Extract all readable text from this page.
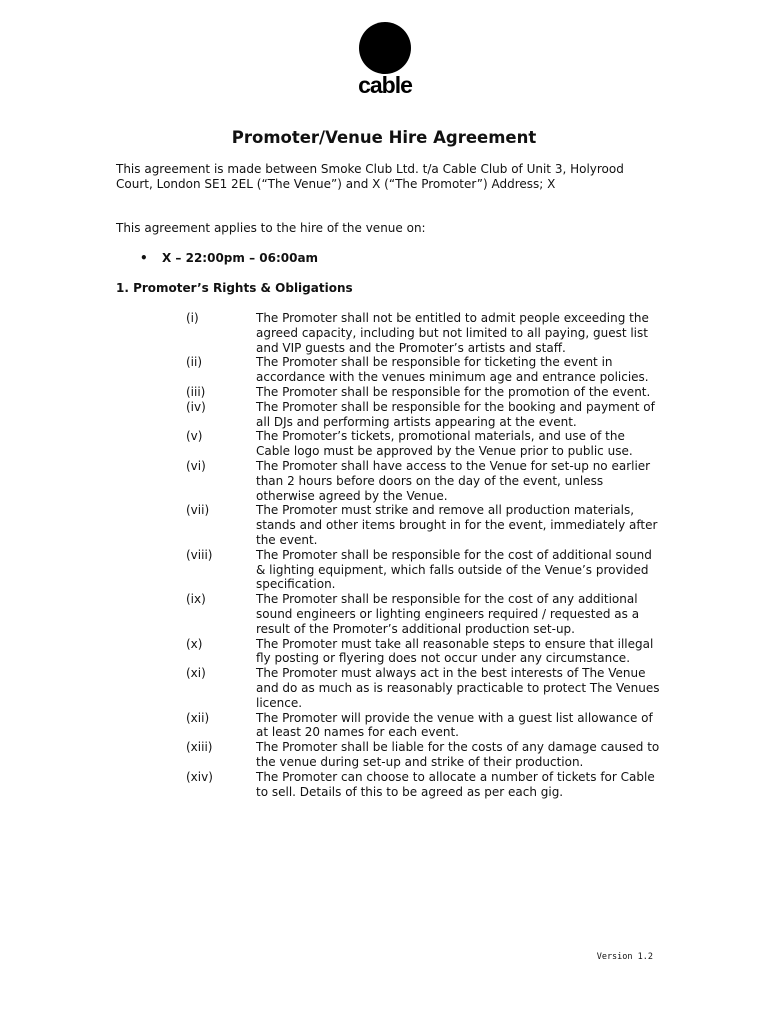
cable
Promoter/Venue Hire Agreement

This agreement is made between Smoke Club Ltd. t/a Cable Club of Unit 3, Holyrood Court, London SE1 2EL (“The Venue”) and X (“The Promoter”) Address; X

This agreement applies to the hire of the venue on:

• X – 22:00pm – 06:00am
1. Promoter’s Rights & Obligations
(i)	The Promoter shall not be entitled to admit people exceeding the agreed capacity, including but not limited to all paying, guest list and VIP guests and the Promoter’s artists and staff.
(ii)	The Promoter shall be responsible for ticketing the event in accordance with the venues minimum age and entrance policies.
(iii)	The Promoter shall be responsible for the promotion of the event.
(iv)	The Promoter shall be responsible for the booking and payment of all DJs and performing artists appearing at the event.
(v)	The Promoter’s tickets, promotional materials, and use of the Cable logo must be approved by the Venue prior to public use.
(vi)	The Promoter shall have access to the Venue for set-up no earlier than 2 hours before doors on the day of the event, unless otherwise agreed by the Venue.
(vii)	The Promoter must strike and remove all production materials, stands and other items brought in for the event, immediately after the event.
(viii)	The Promoter shall be responsible for the cost of additional sound & lighting equipment, which falls outside of the Venue’s provided specification.
(ix)	The Promoter shall be responsible for the cost of any additional sound engineers or lighting engineers required / requested as a result of the Promoter’s additional production set-up.
(x)	The Promoter must take all reasonable steps to ensure that illegal fly posting or flyering does not occur under any circumstance.
(xi)	The Promoter must always act in the best interests of The Venue and do as much as is reasonably practicable to protect The Venues licence.
(xii)	The Promoter will provide the venue with a guest list allowance of at least 20 names for each event.
(xiii)	The Promoter shall be liable for the costs of any damage caused to the venue during set-up and strike of their production.
(xiv)	The Promoter can choose to allocate a number of tickets for Cable to sell. Details of this to be agreed as per each gig.
Version 1.2
